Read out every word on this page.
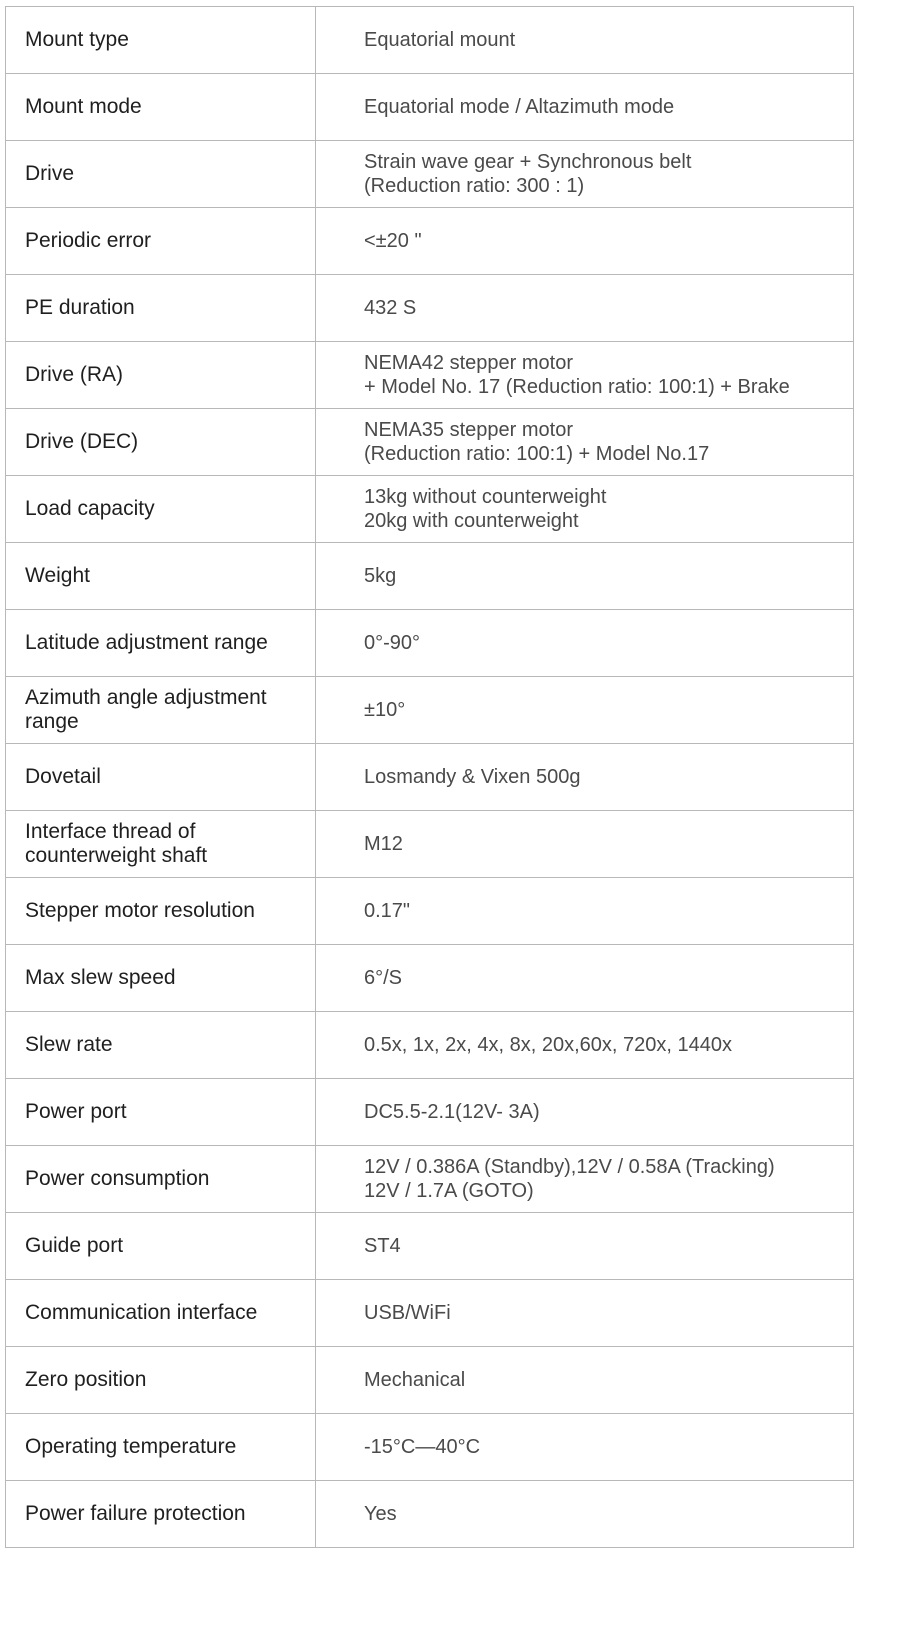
Mount type	Equatorial mount
Mount mode	Equatorial mode / Altazimuth mode
Drive	Strain wave gear + Synchronous belt
(Reduction ratio: 300 : 1)
Periodic error	<±20 "
PE duration	432 S
Drive (RA)	NEMA42 stepper motor
+ Model No. 17 (Reduction ratio: 100:1) + Brake
Drive (DEC)	NEMA35 stepper motor
(Reduction ratio: 100:1) + Model No.17
Load capacity	13kg without counterweight
20kg with counterweight
Weight	5kg
Latitude adjustment range	0°-90°
Azimuth angle adjustment range	±10°
Dovetail	Losmandy & Vixen 500g
Interface thread of counterweight shaft	M12
Stepper motor resolution	0.17"
Max slew speed	6°/S
Slew rate	0.5x, 1x, 2x, 4x, 8x, 20x,60x, 720x, 1440x
Power port	DC5.5-2.1(12V- 3A)
Power consumption	12V / 0.386A (Standby),12V / 0.58A (Tracking)
12V / 1.7A (GOTO)
Guide port	ST4
Communication interface	USB/WiFi
Zero position	Mechanical
Operating temperature	-15°C—40°C
Power failure protection	Yes
